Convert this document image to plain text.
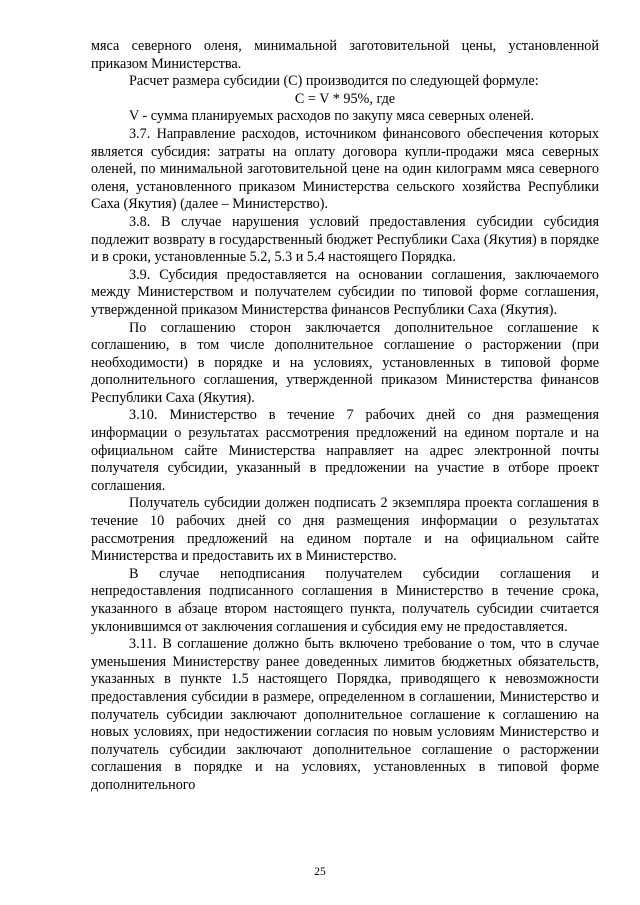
мяса северного оленя, минимальной заготовительной цены, установленной приказом Министерства.

Расчет размера субсидии (С) производится по следующей формуле:

C = V * 95%, где

V - сумма планируемых расходов по закупу мяса северных оленей.

3.7. Направление расходов, источником финансового обеспечения которых является субсидия: затраты на оплату договора купли-продажи мяса северных оленей, по минимальной заготовительной цене на один килограмм мяса северного оленя, установленного приказом Министерства сельского хозяйства Республики Саха (Якутия) (далее – Министерство).

3.8. В случае нарушения условий предоставления субсидии субсидия подлежит возврату в государственный бюджет Республики Саха (Якутия) в порядке и в сроки, установленные 5.2, 5.3 и 5.4 настоящего Порядка.

3.9. Субсидия предоставляется на основании соглашения, заключаемого между Министерством и получателем субсидии по типовой форме соглашения, утвержденной приказом Министерства финансов Республики Саха (Якутия).

По соглашению сторон заключается дополнительное соглашение к соглашению, в том числе дополнительное соглашение о расторжении (при необходимости) в порядке и на условиях, установленных в типовой форме дополнительного соглашения, утвержденной приказом Министерства финансов Республики Саха (Якутия).

3.10. Министерство в течение 7 рабочих дней со дня размещения информации о результатах рассмотрения предложений на едином портале и на официальном сайте Министерства направляет на адрес электронной почты получателя субсидии, указанный в предложении на участие в отборе проект соглашения.

Получатель субсидии должен подписать 2 экземпляра проекта соглашения в течение 10 рабочих дней со дня размещения информации о результатах рассмотрения предложений на едином портале и на официальном сайте Министерства и предоставить их в Министерство.

В случае неподписания получателем субсидии соглашения и непредоставления подписанного соглашения в Министерство в течение срока, указанного в абзаце втором настоящего пункта, получатель субсидии считается уклонившимся от заключения соглашения и субсидия ему не предоставляется.

3.11. В соглашение должно быть включено требование о том, что в случае уменьшения Министерству ранее доведенных лимитов бюджетных обязательств, указанных в пункте 1.5 настоящего Порядка, приводящего к невозможности предоставления субсидии в размере, определенном в соглашении, Министерство и получатель субсидии заключают дополнительное соглашение к соглашению на новых условиях, при недостижении согласия по новым условиям Министерство и получатель субсидии заключают дополнительное соглашение о расторжении соглашения в порядке и на условиях, установленных в типовой форме дополнительного

25
